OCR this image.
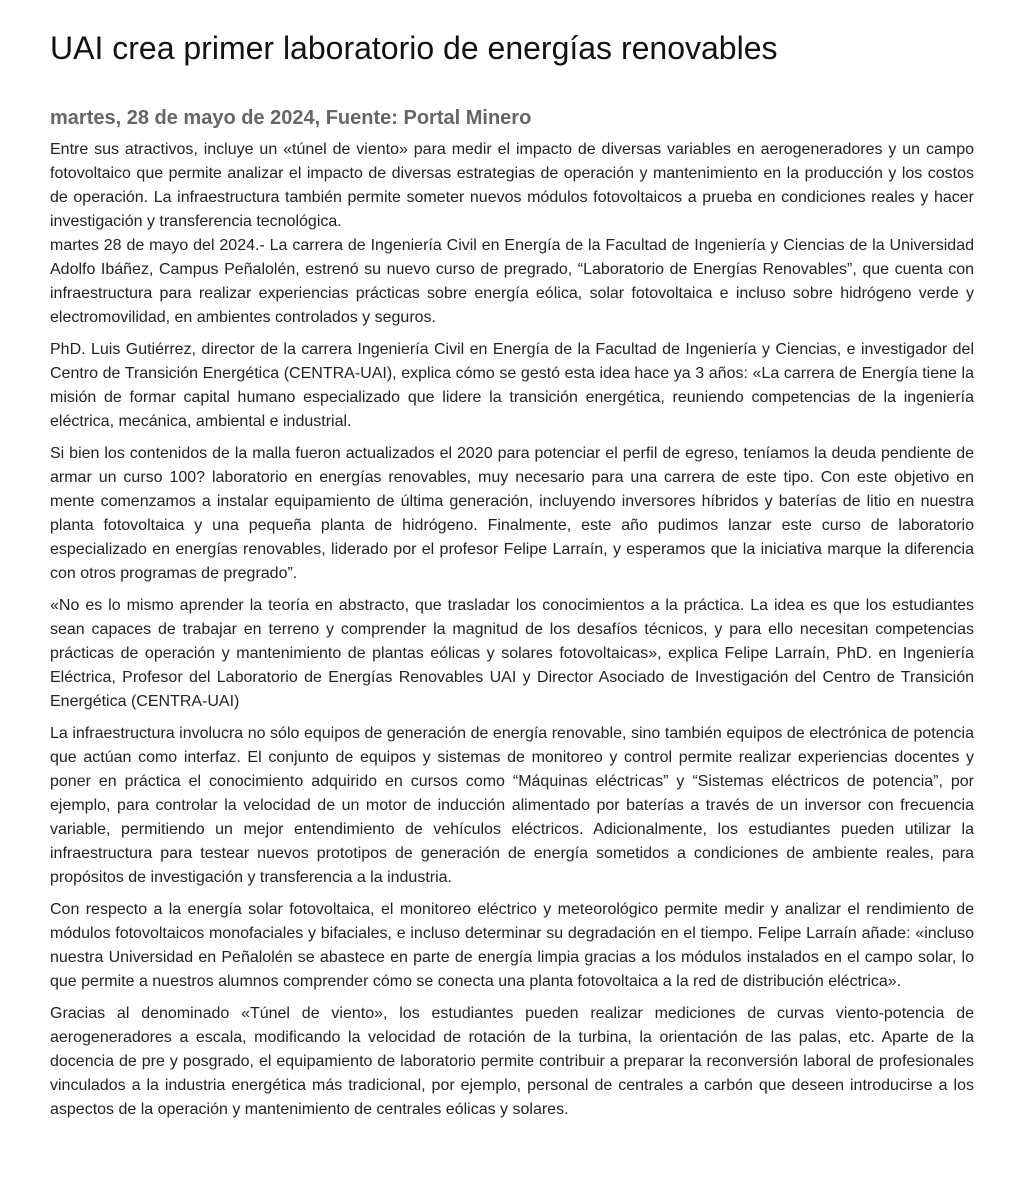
UAI crea primer laboratorio de energías renovables
martes, 28 de mayo de 2024, Fuente: Portal Minero

Entre sus atractivos, incluye un «túnel de viento» para medir el impacto de diversas variables en aerogeneradores y un campo fotovoltaico que permite analizar el impacto de diversas estrategias de operación y mantenimiento en la producción y los costos de operación. La infraestructura también permite someter nuevos módulos fotovoltaicos a prueba en condiciones reales y hacer investigación y transferencia tecnológica.
martes 28 de mayo del 2024.- La carrera de Ingeniería Civil en Energía de la Facultad de Ingeniería y Ciencias de la Universidad Adolfo Ibáñez, Campus Peñalolén, estrenó su nuevo curso de pregrado, “Laboratorio de Energías Renovables”, que cuenta con infraestructura para realizar experiencias prácticas sobre energía eólica, solar fotovoltaica e incluso sobre hidrógeno verde y electromovilidad, en ambientes controlados y seguros.

PhD. Luis Gutiérrez, director de la carrera Ingeniería Civil en Energía de la Facultad de Ingeniería y Ciencias, e investigador del Centro de Transición Energética (CENTRA-UAI), explica cómo se gestó esta idea hace ya 3 años: «La carrera de Energía tiene la misión de formar capital humano especializado que lidere la transición energética, reuniendo competencias de la ingeniería eléctrica, mecánica, ambiental e industrial.

Si bien los contenidos de la malla fueron actualizados el 2020 para potenciar el perfil de egreso, teníamos la deuda pendiente de armar un curso 100? laboratorio en energías renovables, muy necesario para una carrera de este tipo. Con este objetivo en mente comenzamos a instalar equipamiento de última generación, incluyendo inversores híbridos y baterías de litio en nuestra planta fotovoltaica y una pequeña planta de hidrógeno. Finalmente, este año pudimos lanzar este curso de laboratorio especializado en energías renovables, liderado por el profesor Felipe Larraín, y esperamos que la iniciativa marque la diferencia con otros programas de pregrado”.

«No es lo mismo aprender la teoría en abstracto, que trasladar los conocimientos a la práctica. La idea es que los estudiantes sean capaces de trabajar en terreno y comprender la magnitud de los desafíos técnicos, y para ello necesitan competencias prácticas de operación y mantenimiento de plantas eólicas y solares fotovoltaicas», explica Felipe Larraín, PhD. en Ingeniería Eléctrica, Profesor del Laboratorio de Energías Renovables UAI y Director Asociado de Investigación del Centro de Transición Energética (CENTRA-UAI)

La infraestructura involucra no sólo equipos de generación de energía renovable, sino también equipos de electrónica de potencia que actúan como interfaz. El conjunto de equipos y sistemas de monitoreo y control permite realizar experiencias docentes y poner en práctica el conocimiento adquirido en cursos como “Máquinas eléctricas” y “Sistemas eléctricos de potencia”, por ejemplo, para controlar la velocidad de un motor de inducción alimentado por baterías a través de un inversor con frecuencia variable, permitiendo un mejor entendimiento de vehículos eléctricos. Adicionalmente, los estudiantes pueden utilizar la infraestructura para testear nuevos prototipos de generación de energía sometidos a condiciones de ambiente reales, para propósitos de investigación y transferencia a la industria.

Con respecto a la energía solar fotovoltaica, el monitoreo eléctrico y meteorológico permite medir y analizar el rendimiento de módulos fotovoltaicos monofaciales y bifaciales, e incluso determinar su degradación en el tiempo. Felipe Larraín añade: «incluso nuestra Universidad en Peñalolén se abastece en parte de energía limpia gracias a los módulos instalados en el campo solar, lo que permite a nuestros alumnos comprender cómo se conecta una planta fotovoltaica a la red de distribución eléctrica».

Gracias al denominado «Túnel de viento», los estudiantes pueden realizar mediciones de curvas viento-potencia de aerogeneradores a escala, modificando la velocidad de rotación de la turbina, la orientación de las palas, etc. Aparte de la docencia de pre y posgrado, el equipamiento de laboratorio permite contribuir a preparar la reconversión laboral de profesionales vinculados a la industria energética más tradicional, por ejemplo, personal de centrales a carbón que deseen introducirse a los aspectos de la operación y mantenimiento de centrales eólicas y solares.
